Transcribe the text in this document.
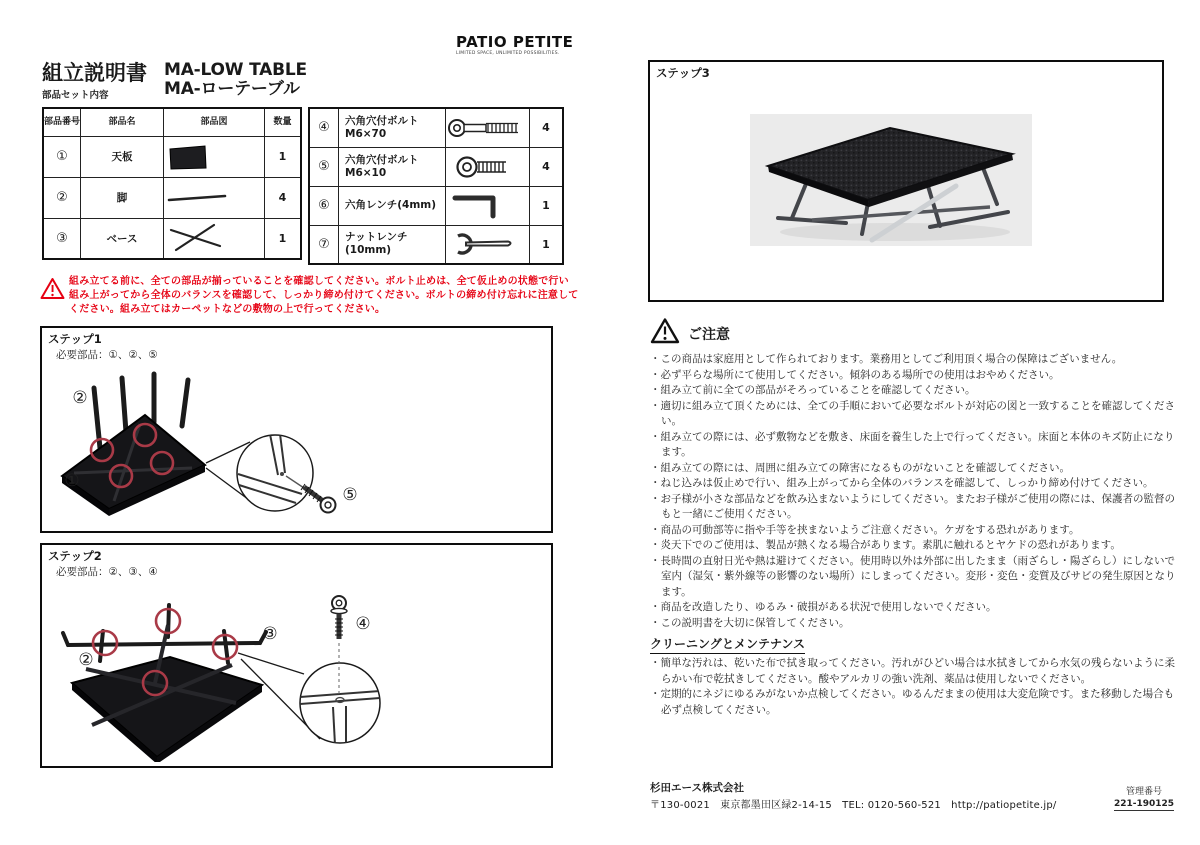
PATIO PETITE
LIMITED SPACE, UNLIMITED POSSIBILITIES.
組立説明書
部品セット内容
MA-LOW TABLE
MA-ローテーブル
部品番号	部品名	部品図	数量
①	天板		1
②	脚		4
③	ベース		1
④	六角穴付ボルト
M6×70		4
⑤	六角穴付ボルト
M6×10		4
⑥	六角レンチ(4mm)		1
⑦	ナットレンチ(10mm)		1
組み立てる前に、全ての部品が揃っていることを確認してください。ボルト止めは、全て仮止めの状態で行い
組み上がってから全体のバランスを確認して、しっかり締め付けてください。ボルトの締め付け忘れに注意して
ください。組み立てはカーペットなどの敷物の上で行ってください。
ステップ1
必要部品：①、②、⑤
②
①
⑤
ステップ2
必要部品：②、③、④
②
③	④
ステップ3
ご注意
・この商品は家庭用として作られております。業務用としてご利用頂く場合の保障はございません。
・必ず平らな場所にて使用してください。傾斜のある場所での使用はおやめください。
・組み立て前に全ての部品がそろっていることを確認してください。
・適切に組み立て頂くためには、全ての手順において必要なボルトが対応の図と一致することを確認してください。
・組み立ての際には、必ず敷物などを敷き、床面を養生した上で行ってください。床面と本体のキズ防止になります。
・組み立ての際には、周囲に組み立ての障害になるものがないことを確認してください。
・ねじ込みは仮止めで行い、組み上がってから全体のバランスを確認して、しっかり締め付けてください。
・お子様が小さな部品などを飲み込まないようにしてください。またお子様がご使用の際には、保護者の監督のもと一緒にご使用ください。
・商品の可動部等に指や手等を挟まないようご注意ください。ケガをする恐れがあります。
・炎天下でのご使用は、製品が熱くなる場合があります。素肌に触れるとヤケドの恐れがあります。
・長時間の直射日光や熱は避けてください。使用時以外は外部に出したまま（雨ざらし・陽ざらし）にしないで室内（湿気・紫外線等の影響のない場所）にしまってください。変形・変色・変質及びサビの発生原因となります。
・商品を改造したり、ゆるみ・破損がある状況で使用しないでください。
・この説明書を大切に保管してください。
クリーニングとメンテナンス
・簡単な汚れは、乾いた布で拭き取ってください。汚れがひどい場合は水拭きしてから水気の残らないように柔らかい布で乾拭きしてください。酸やアルカリの強い洗剤、薬品は使用しないでください。
・定期的にネジにゆるみがないか点検してください。ゆるんだままの使用は大変危険です。また移動した場合も必ず点検してください。
杉田エース株式会社
〒130-0021　東京都墨田区緑2-14-15　TEL: 0120-560-521　http://patiopetite.jp/
管理番号
221-190125
